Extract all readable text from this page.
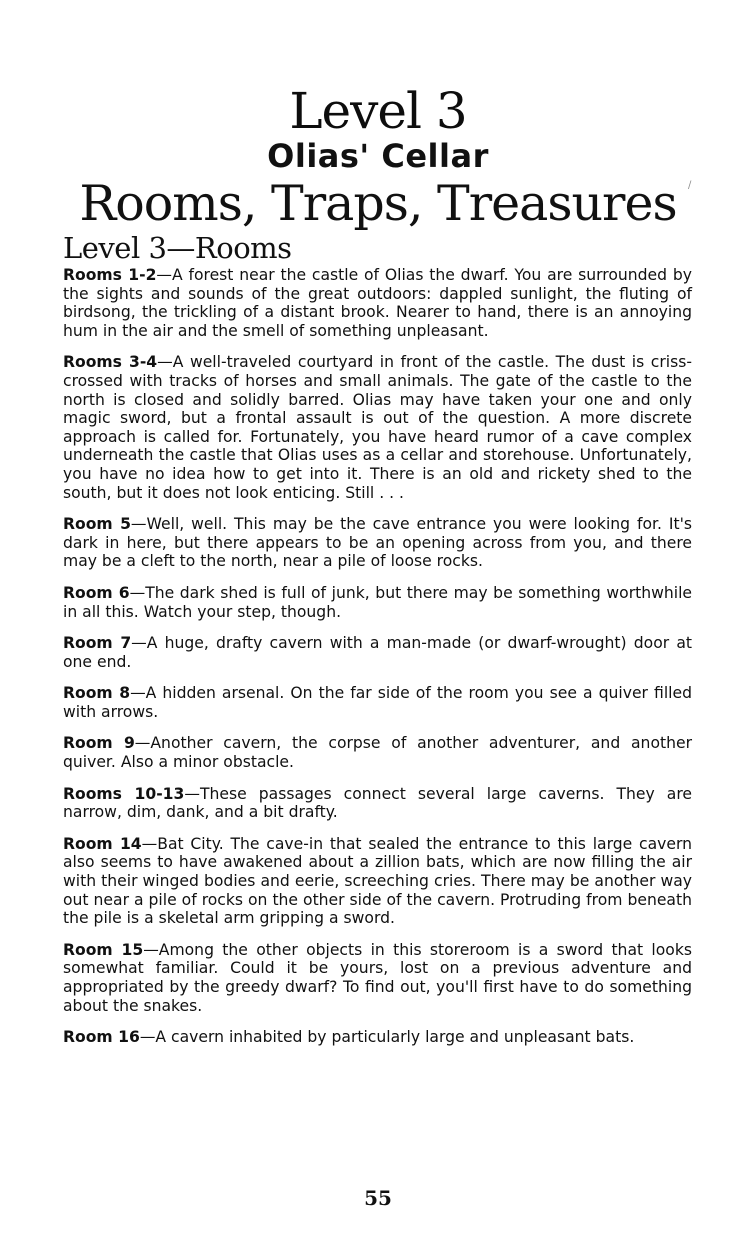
Level 3
Olias' Cellar
Rooms, Traps, Treasures	/
Level 3—Rooms

Rooms 1-2—A forest near the castle of Olias the dwarf. You are surrounded by the sights and sounds of the great outdoors: dappled sunlight, the fluting of birdsong, the trickling of a distant brook. Nearer to hand, there is an annoying hum in the air and the smell of something unpleasant.

Rooms 3-4—A well-traveled courtyard in front of the castle. The dust is criss-crossed with tracks of horses and small animals. The gate of the castle to the north is closed and solidly barred. Olias may have taken your one and only magic sword, but a frontal assault is out of the question. A more discrete approach is called for. Fortunately, you have heard rumor of a cave complex underneath the castle that Olias uses as a cellar and storehouse. Unfortunately, you have no idea how to get into it. There is an old and rickety shed to the south, but it does not look enticing. Still . . .

Room 5—Well, well. This may be the cave entrance you were looking for. It's dark in here, but there appears to be an opening across from you, and there may be a cleft to the north, near a pile of loose rocks.

Room 6—The dark shed is full of junk, but there may be something worthwhile in all this. Watch your step, though.

Room 7—A huge, drafty cavern with a man-made (or dwarf-wrought) door at one end.

Room 8—A hidden arsenal. On the far side of the room you see a quiver filled with arrows.

Room 9—Another cavern, the corpse of another adventurer, and another quiver. Also a minor obstacle.

Rooms 10-13—These passages connect several large caverns. They are narrow, dim, dank, and a bit drafty.

Room 14—Bat City. The cave-in that sealed the entrance to this large cavern also seems to have awakened about a zillion bats, which are now filling the air with their winged bodies and eerie, screeching cries. There may be another way out near a pile of rocks on the other side of the cavern. Protruding from beneath the pile is a skeletal arm gripping a sword.

Room 15—Among the other objects in this storeroom is a sword that looks somewhat familiar. Could it be yours, lost on a previous adventure and appropriated by the greedy dwarf? To find out, you'll first have to do something about the snakes.

Room 16—A cavern inhabited by particularly large and unpleasant bats.

55
